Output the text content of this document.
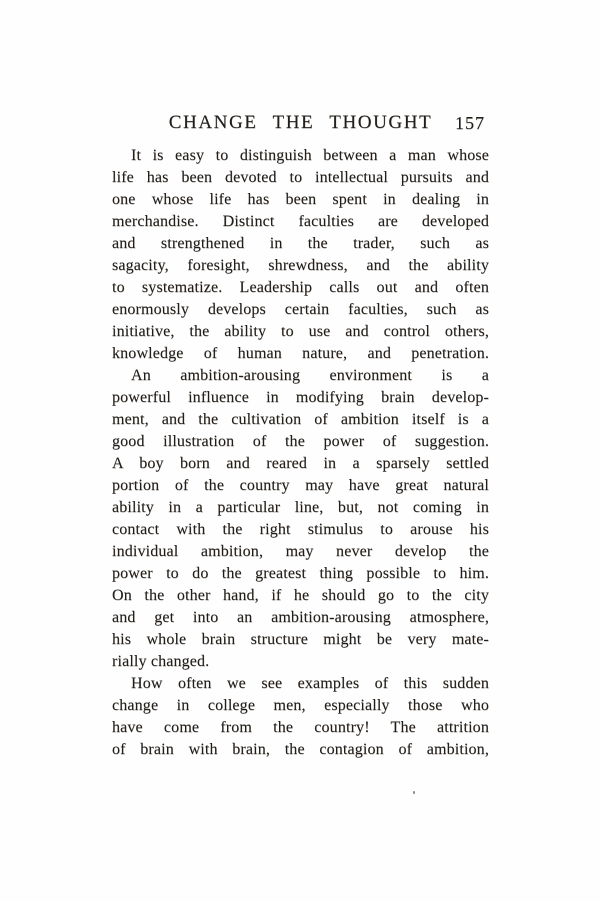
CHANGE THE THOUGHT	157

It is easy to distinguish between a man whose
life has been devoted to intellectual pursuits and
one whose life has been spent in dealing in
merchandise. Distinct faculties are developed
and strengthened in the trader, such as
sagacity, foresight, shrewdness, and the ability
to systematize. Leadership calls out and often
enormously develops certain faculties, such as
initiative, the ability to use and control others,
knowledge of human nature, and penetration.

An ambition-arousing environment is a
powerful influence in modifying brain develop-
ment, and the cultivation of ambition itself is a
good illustration of the power of suggestion.
A boy born and reared in a sparsely settled
portion of the country may have great natural
ability in a particular line, but, not coming in
contact with the right stimulus to arouse his
individual ambition, may never develop the
power to do the greatest thing possible to him.
On the other hand, if he should go to the city
and get into an ambition-arousing atmosphere,
his whole brain structure might be very mate-
rially changed.

How often we see examples of this sudden
change in college men, especially those who
have come from the country! The attrition
of brain with brain, the contagion of ambition,
